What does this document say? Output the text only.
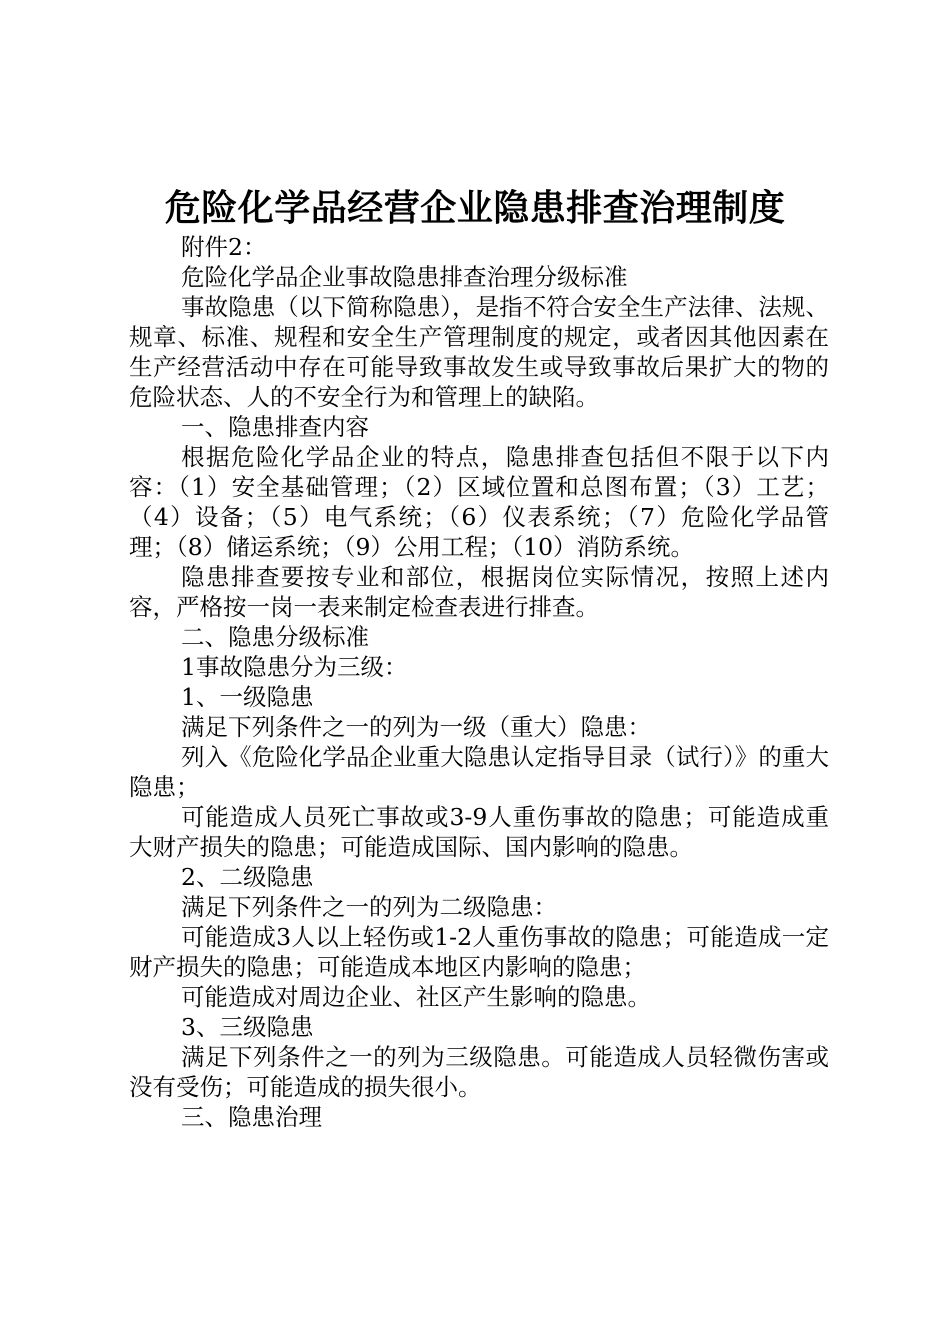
危险化学品经营企业隐患排查治理制度

附件2：

危险化学品企业事故隐患排查治理分级标准

事故隐患（以下简称隐患），是指不符合安全生产法律、法规、规章、标准、规程和安全生产管理制度的规定，或者因其他因素在生产经营活动中存在可能导致事故发生或导致事故后果扩大的物的危险状态、人的不安全行为和管理上的缺陷。

一、隐患排查内容

根据危险化学品企业的特点，隐患排查包括但不限于以下内容：（1）安全基础管理；（2）区域位置和总图布置；（3）工艺；（4）设备；（5）电气系统；（6）仪表系统；（7）危险化学品管理；（8）储运系统；（9）公用工程；（10）消防系统。

隐患排查要按专业和部位，根据岗位实际情况，按照上述内容，严格按一岗一表来制定检查表进行排查。

二、隐患分级标准

1事故隐患分为三级：

1、一级隐患

满足下列条件之一的列为一级（重大）隐患：

列入《危险化学品企业重大隐患认定指导目录（试行）》的重大隐患；

可能造成人员死亡事故或3-9人重伤事故的隐患；可能造成重大财产损失的隐患；可能造成国际、国内影响的隐患。

2、二级隐患

满足下列条件之一的列为二级隐患：

可能造成3人以上轻伤或1-2人重伤事故的隐患；可能造成一定财产损失的隐患；可能造成本地区内影响的隐患；

可能造成对周边企业、社区产生影响的隐患。

3、三级隐患

满足下列条件之一的列为三级隐患。可能造成人员轻微伤害或没有受伤；可能造成的损失很小。

三、隐患治理
